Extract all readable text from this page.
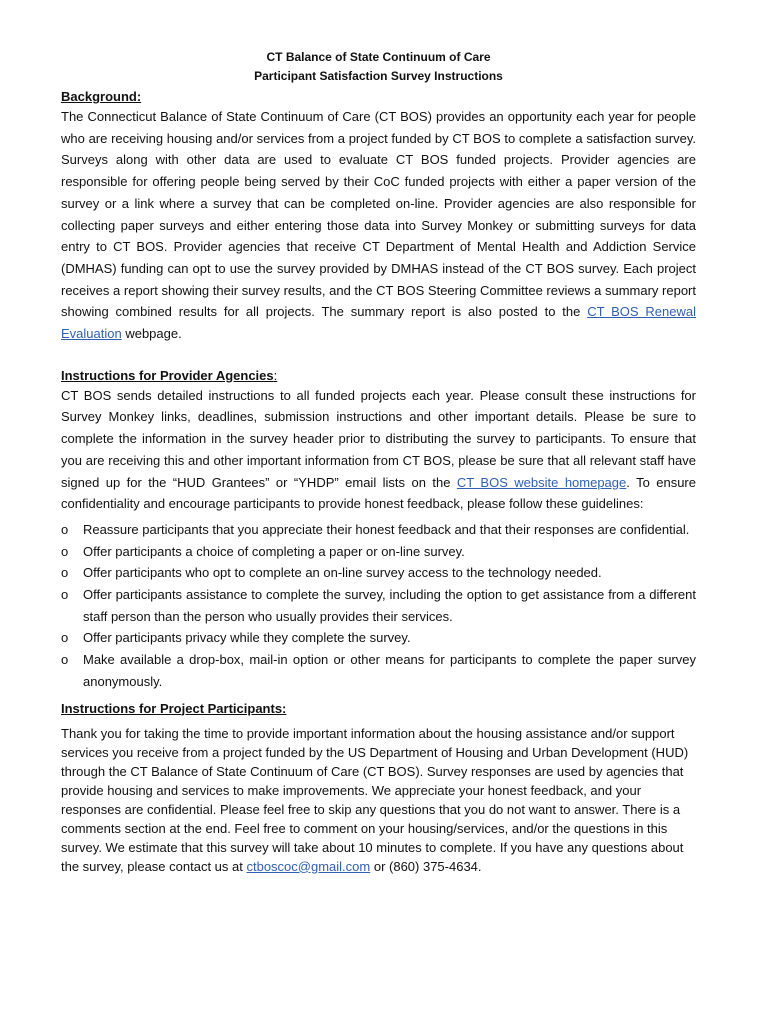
CT Balance of State Continuum of Care
Participant Satisfaction Survey Instructions
Background:
The Connecticut Balance of State Continuum of Care (CT BOS) provides an opportunity each year for people who are receiving housing and/or services from a project funded by CT BOS to complete a satisfaction survey. Surveys along with other data are used to evaluate CT BOS funded projects. Provider agencies are responsible for offering people being served by their CoC funded projects with either a paper version of the survey or a link where a survey that can be completed on-line. Provider agencies are also responsible for collecting paper surveys and either entering those data into Survey Monkey or submitting surveys for data entry to CT BOS. Provider agencies that receive CT Department of Mental Health and Addiction Service (DMHAS) funding can opt to use the survey provided by DMHAS instead of the CT BOS survey. Each project receives a report showing their survey results, and the CT BOS Steering Committee reviews a summary report showing combined results for all projects. The summary report is also posted to the CT BOS Renewal Evaluation webpage.
Instructions for Provider Agencies:
CT BOS sends detailed instructions to all funded projects each year. Please consult these instructions for Survey Monkey links, deadlines, submission instructions and other important details. Please be sure to complete the information in the survey header prior to distributing the survey to participants. To ensure that you are receiving this and other important information from CT BOS, please be sure that all relevant staff have signed up for the “HUD Grantees” or “YHDP” email lists on the CT BOS website homepage. To ensure confidentiality and encourage participants to provide honest feedback, please follow these guidelines:
o Reassure participants that you appreciate their honest feedback and that their responses are confidential.
o Offer participants a choice of completing a paper or on-line survey.
o Offer participants who opt to complete an on-line survey access to the technology needed.
o Offer participants assistance to complete the survey, including the option to get assistance from a different staff person than the person who usually provides their services.
o Offer participants privacy while they complete the survey.
o Make available a drop-box, mail-in option or other means for participants to complete the paper survey anonymously.
Instructions for Project Participants:
Thank you for taking the time to provide important information about the housing assistance and/or support services you receive from a project funded by the US Department of Housing and Urban Development (HUD) through the CT Balance of State Continuum of Care (CT BOS). Survey responses are used by agencies that provide housing and services to make improvements. We appreciate your honest feedback, and your responses are confidential. Please feel free to skip any questions that you do not want to answer. There is a comments section at the end. Feel free to comment on your housing/services, and/or the questions in this survey. We estimate that this survey will take about 10 minutes to complete. If you have any questions about the survey, please contact us at ctboscoc@gmail.com or (860) 375-4634.
